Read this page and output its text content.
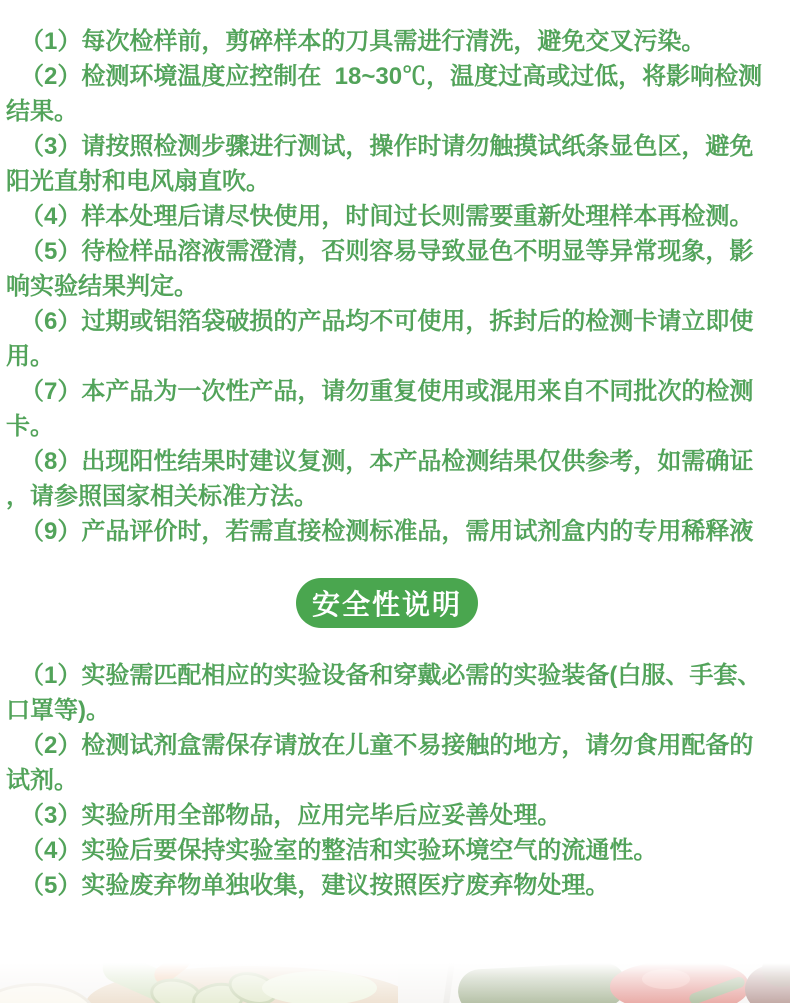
（1）每次检样前，剪碎样本的刀具需进行清洗，避免交叉污染。

（2）检测环境温度应控制在  18~30℃，温度过高或过低，将影响检测结果。

（3）请按照检测步骤进行测试，操作时请勿触摸试纸条显色区，避免阳光直射和电风扇直吹。

（4）样本处理后请尽快使用，时间过长则需要重新处理样本再检测。

（5）待检样品溶液需澄清，否则容易导致显色不明显等异常现象，影响实验结果判定。

（6）过期或铝箔袋破损的产品均不可使用，拆封后的检测卡请立即使用。

（7）本产品为一次性产品，请勿重复使用或混用来自不同批次的检测卡。

（8）出现阳性结果时建议复测，本产品检测结果仅供参考，如需确证，请参照国家相关标准方法。

（9）产品评价时，若需直接检测标准品，需用试剂盒内的专用稀释液

安全性说明

（1）实验需匹配相应的实验设备和穿戴必需的实验装备(白服、手套、口罩等)。

（2）检测试剂盒需保存请放在儿童不易接触的地方，请勿食用配备的试剂。

（3）实验所用全部物品，应用完毕后应妥善处理。

（4）实验后要保持实验室的整洁和实验环境空气的流通性。

（5）实验废弃物单独收集，建议按照医疗废弃物处理。
